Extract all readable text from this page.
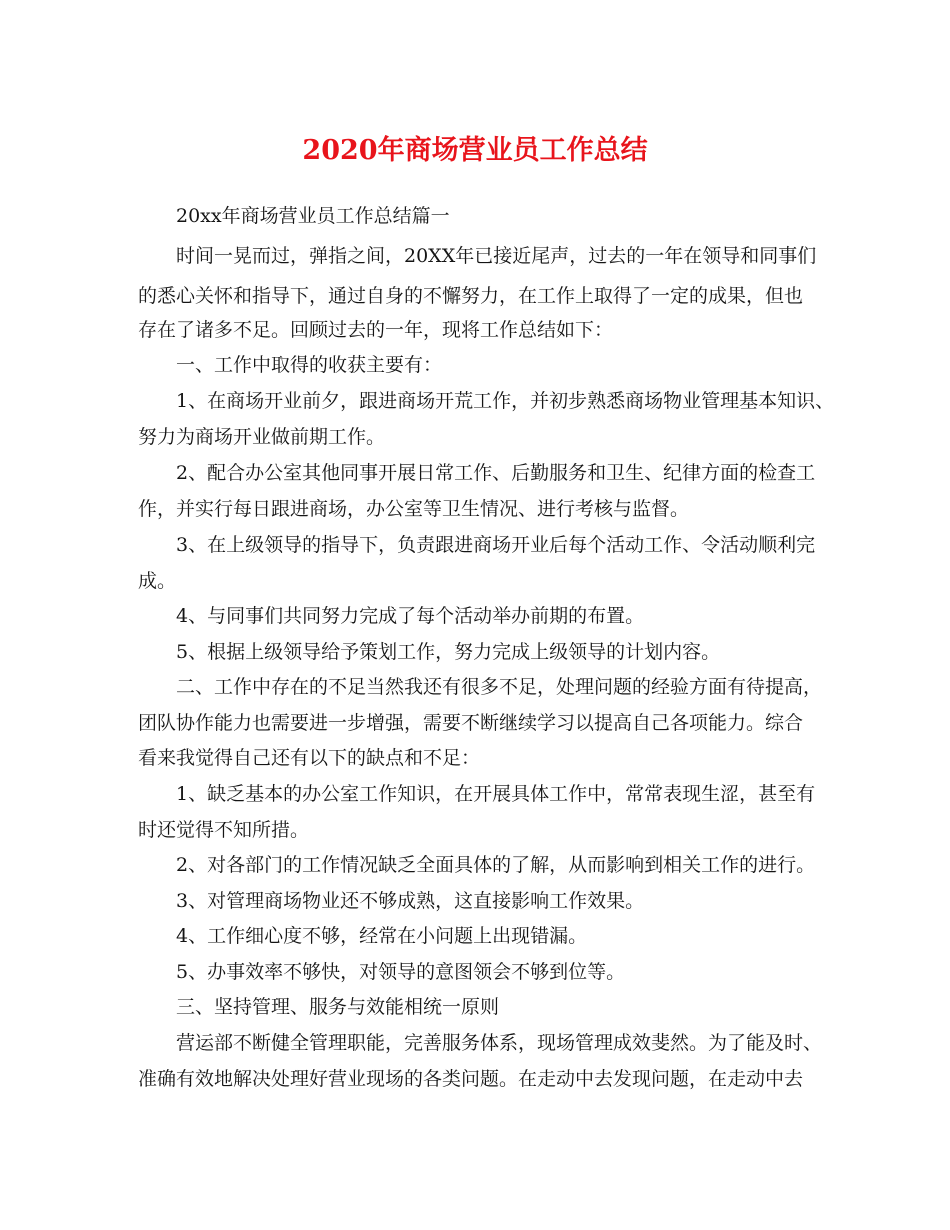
2020年商场营业员工作总结
20xx年商场营业员工作总结篇一
时间一晃而过，弹指之间，20XX年已接近尾声，过去的一年在领导和同事们
的悉心关怀和指导下，通过自身的不懈努力，在工作上取得了一定的成果，但也
存在了诸多不足。回顾过去的一年，现将工作总结如下：
一、工作中取得的收获主要有：
1、在商场开业前夕，跟进商场开荒工作，并初步熟悉商场物业管理基本知识、
努力为商场开业做前期工作。
2、配合办公室其他同事开展日常工作、后勤服务和卫生、纪律方面的检查工
作，并实行每日跟进商场，办公室等卫生情况、进行考核与监督。
3、在上级领导的指导下，负责跟进商场开业后每个活动工作、令活动顺利完
成。
4、与同事们共同努力完成了每个活动举办前期的布置。
5、根据上级领导给予策划工作，努力完成上级领导的计划内容。
二、工作中存在的不足当然我还有很多不足，处理问题的经验方面有待提高，
团队协作能力也需要进一步增强，需要不断继续学习以提高自己各项能力。综合
看来我觉得自己还有以下的缺点和不足：
1、缺乏基本的办公室工作知识，在开展具体工作中，常常表现生涩，甚至有
时还觉得不知所措。
2、对各部门的工作情况缺乏全面具体的了解，从而影响到相关工作的进行。
3、对管理商场物业还不够成熟，这直接影响工作效果。
4、工作细心度不够，经常在小问题上出现错漏。
5、办事效率不够快，对领导的意图领会不够到位等。
三、坚持管理、服务与效能相统一原则
营运部不断健全管理职能，完善服务体系，现场管理成效斐然。为了能及时、
准确有效地解决处理好营业现场的各类问题。在走动中去发现问题，在走动中去
